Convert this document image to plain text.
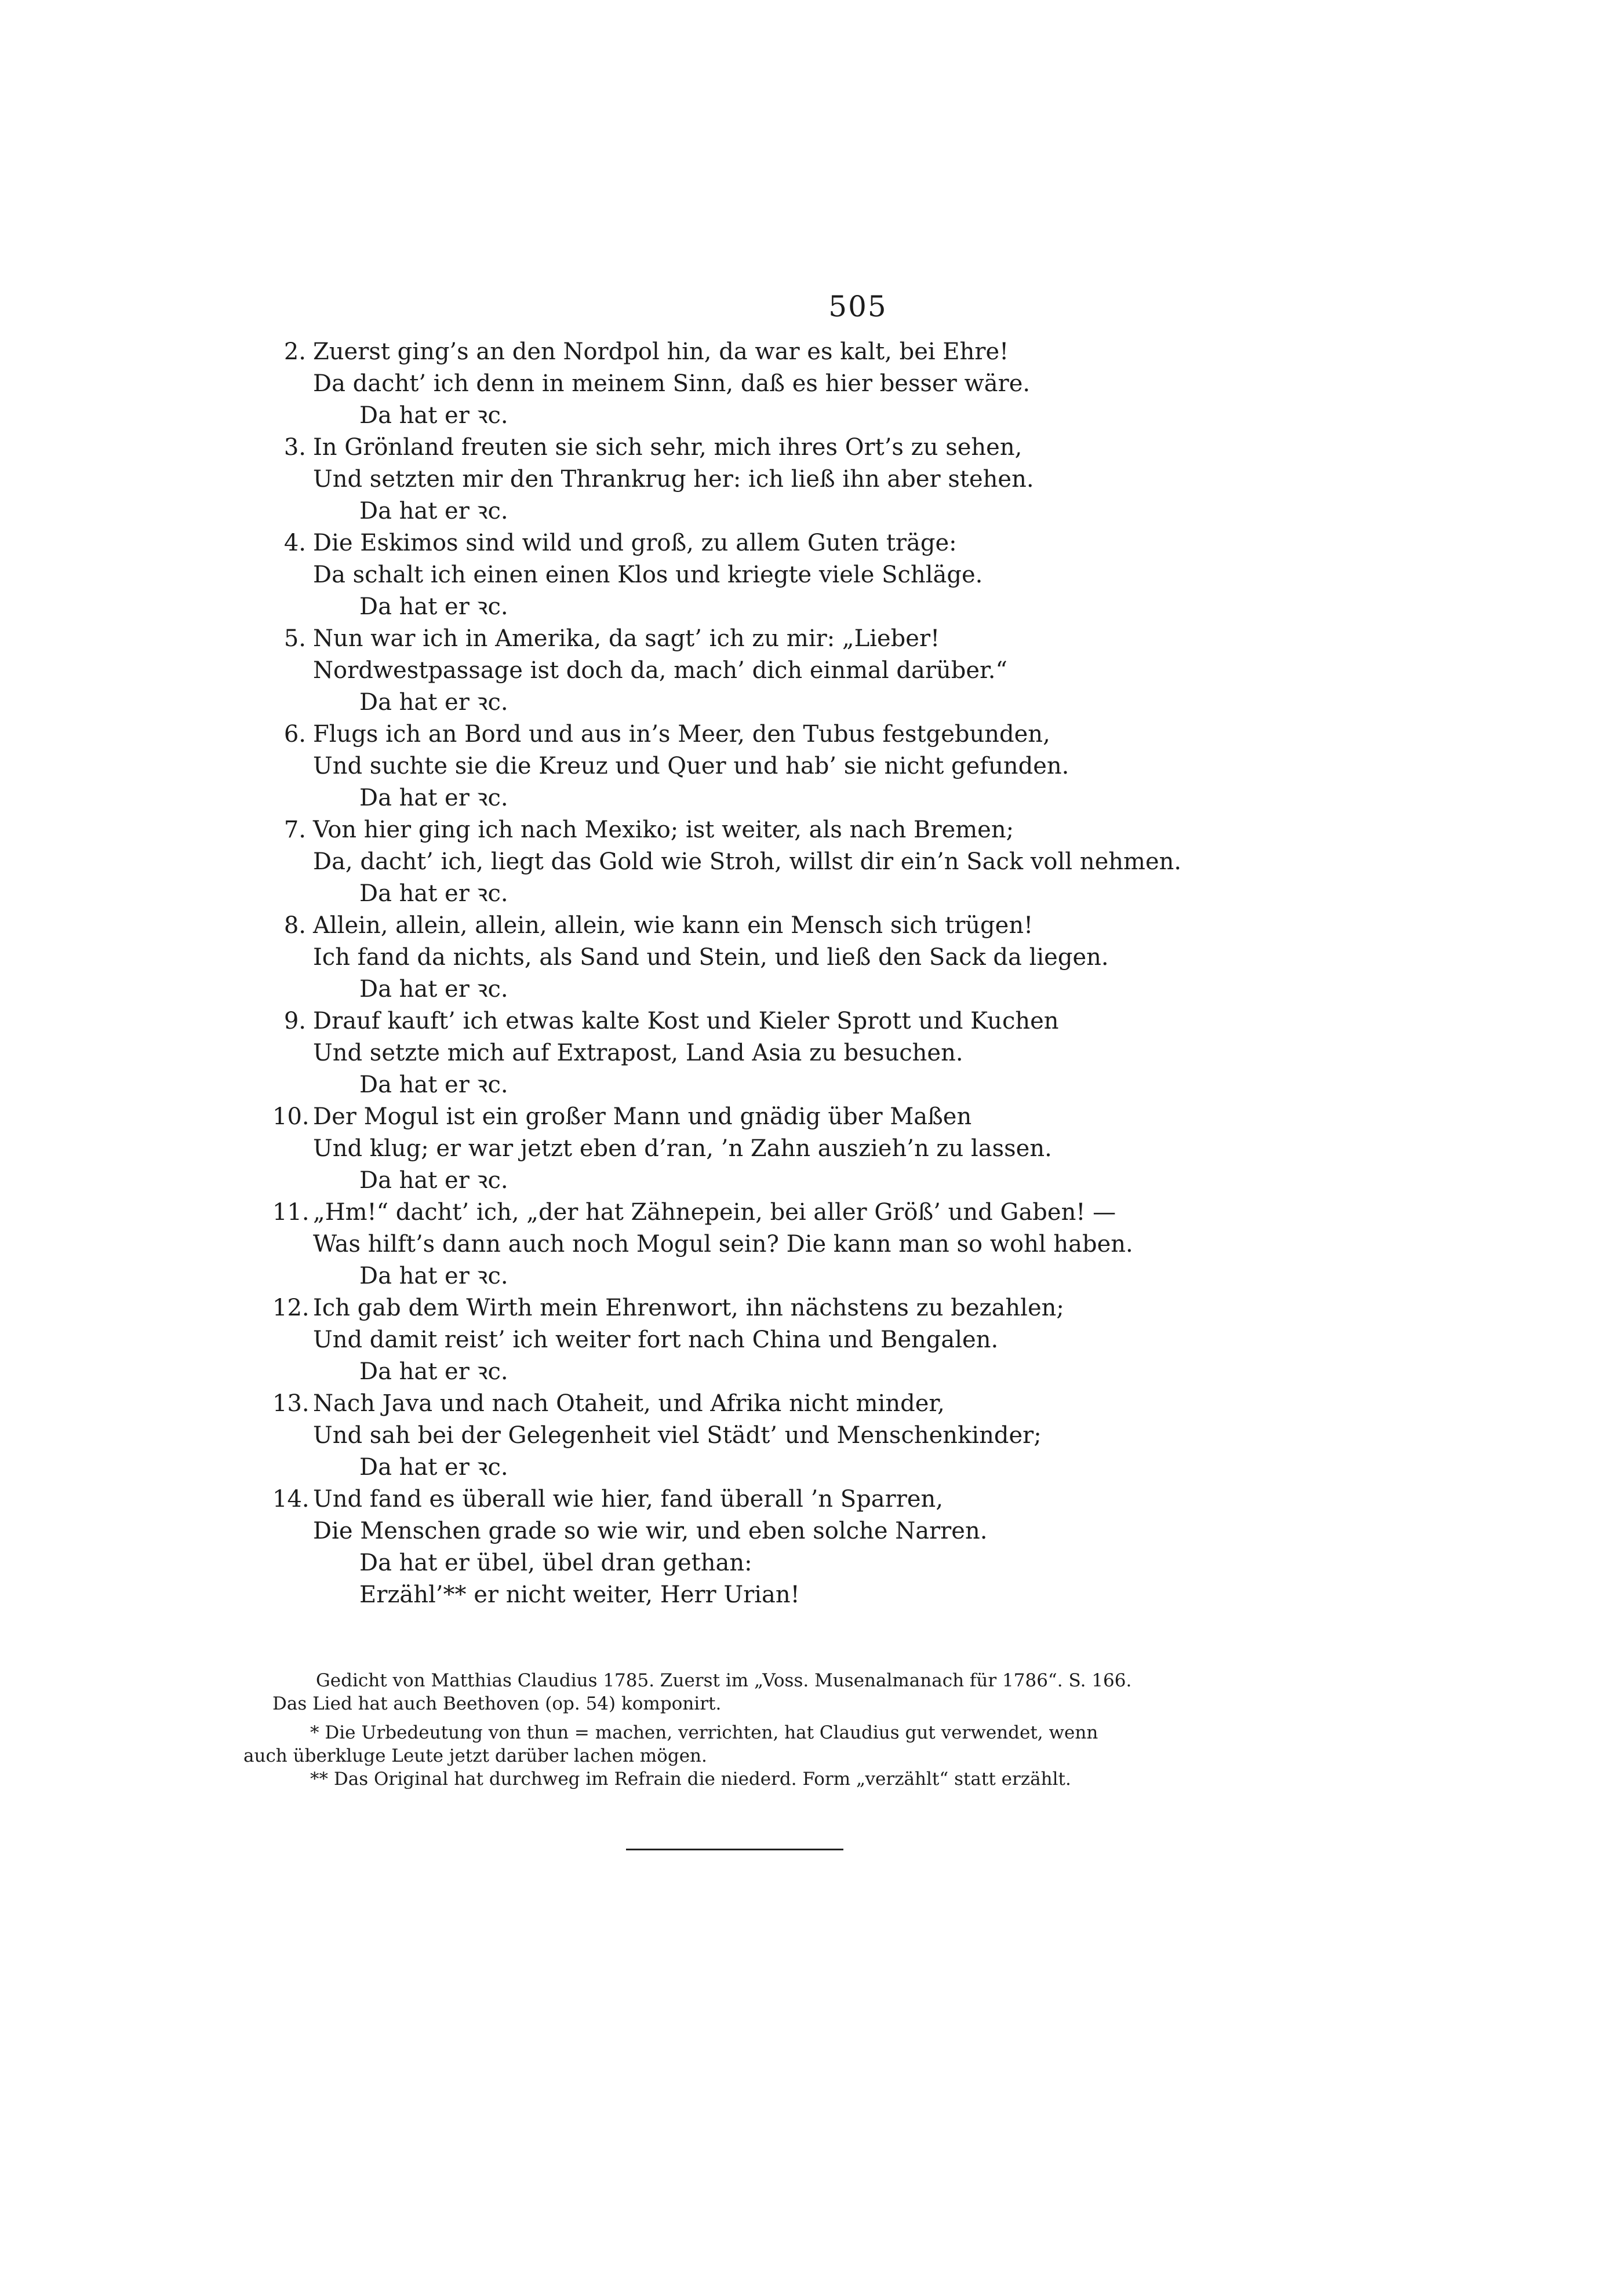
505
2. Zuerst ging’s an den Nordpol hin, da war es kalt, bei Ehre!
Da dacht’ ich denn in meinem Sinn, daß es hier besser wäre.
Da hat er ꝛc.
3. In Grönland freuten sie sich sehr, mich ihres Ort’s zu sehen,
Und setzten mir den Thrankrug her: ich ließ ihn aber stehen.
Da hat er ꝛc.
4. Die Eskimos sind wild und groß, zu allem Guten träge:
Da schalt ich einen einen Klos und kriegte viele Schläge.
Da hat er ꝛc.
5. Nun war ich in Amerika, da sagt’ ich zu mir: „Lieber!
Nordwestpassage ist doch da, mach’ dich einmal darüber.“
Da hat er ꝛc.
6. Flugs ich an Bord und aus in’s Meer, den Tubus festgebunden,
Und suchte sie die Kreuz und Quer und hab’ sie nicht gefunden.
Da hat er ꝛc.
7. Von hier ging ich nach Mexiko; ist weiter, als nach Bremen;
Da, dacht’ ich, liegt das Gold wie Stroh, willst dir ein’n Sack voll nehmen.
Da hat er ꝛc.
8. Allein, allein, allein, allein, wie kann ein Mensch sich trügen!
Ich fand da nichts, als Sand und Stein, und ließ den Sack da liegen.
Da hat er ꝛc.
9. Drauf kauft’ ich etwas kalte Kost und Kieler Sprott und Kuchen
Und setzte mich auf Extrapost, Land Asia zu besuchen.
Da hat er ꝛc.
10. Der Mogul ist ein großer Mann und gnädig über Maßen
Und klug; er war jetzt eben d’ran, ’n Zahn auszieh’n zu lassen.
Da hat er ꝛc.
11. „Hm!“ dacht’ ich, „der hat Zähnepein, bei aller Größ’ und Gaben! —
Was hilft’s dann auch noch Mogul sein? Die kann man so wohl haben.
Da hat er ꝛc.
12. Ich gab dem Wirth mein Ehrenwort, ihn nächstens zu bezahlen;
Und damit reist’ ich weiter fort nach China und Bengalen.
Da hat er ꝛc.
13. Nach Java und nach Otaheit, und Afrika nicht minder,
Und sah bei der Gelegenheit viel Städt’ und Menschenkinder;
Da hat er ꝛc.
14. Und fand es überall wie hier, fand überall ’n Sparren,
Die Menschen grade so wie wir, und eben solche Narren.
Da hat er übel, übel dran gethan:
Erzähl’** er nicht weiter, Herr Urian!

Gedicht von Matthias Claudius 1785. Zuerst im „Voss. Musenalmanach für 1786“. S. 166.

Das Lied hat auch Beethoven (op. 54) komponirt.

* Die Urbedeutung von thun = machen, verrichten, hat Claudius gut verwendet, wenn

auch überkluge Leute jetzt darüber lachen mögen.

** Das Original hat durchweg im Refrain die niederd. Form „verzählt“ statt erzählt.
